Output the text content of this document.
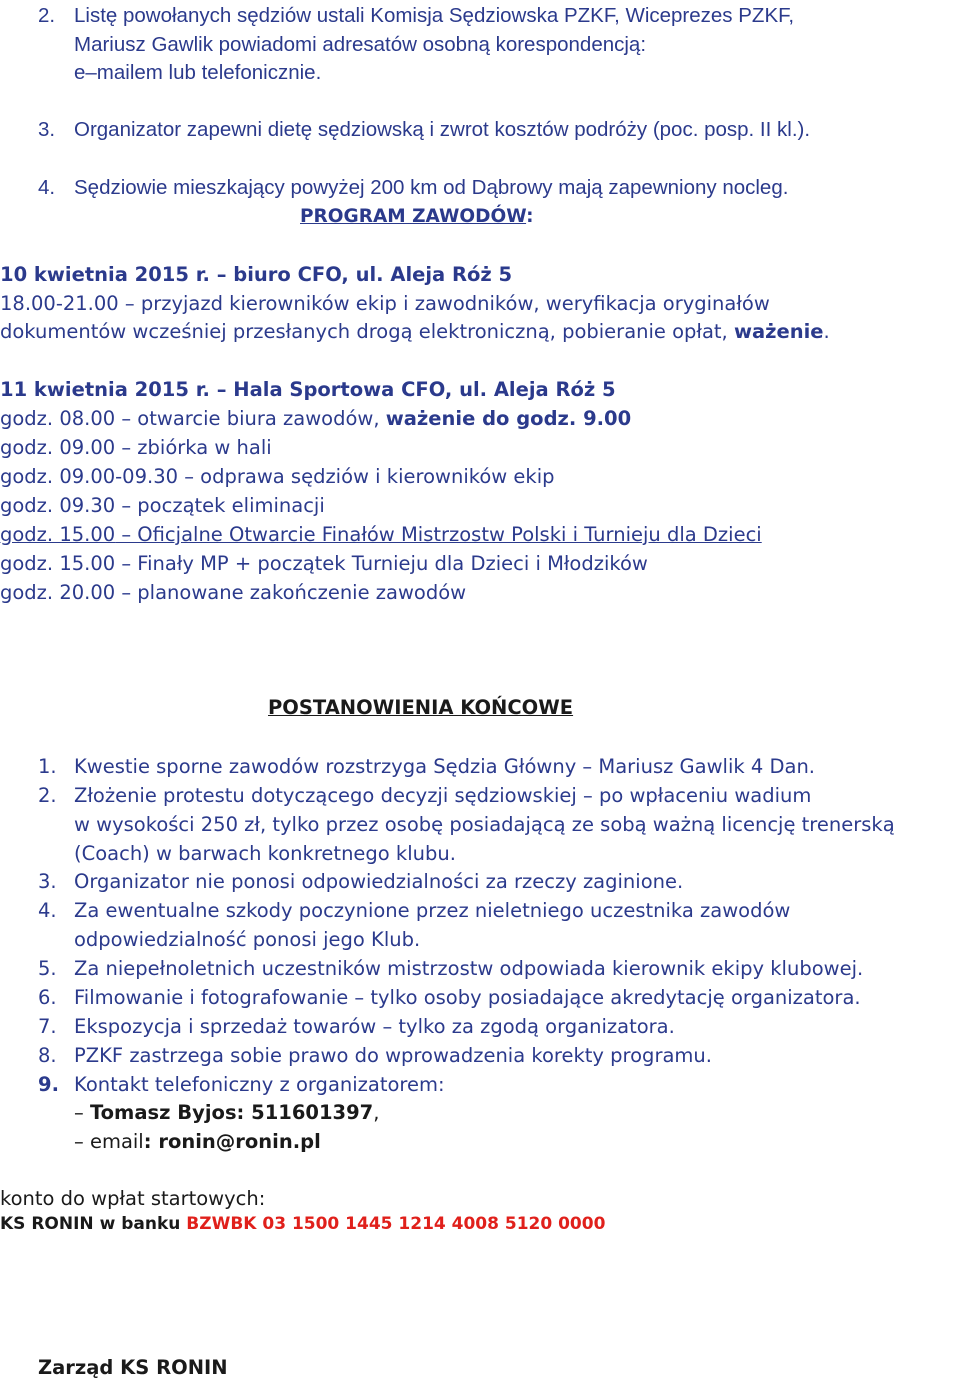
2. Listę powołanych sędziów ustali Komisja Sędziowska PZKF, Wiceprezes PZKF,
Mariusz Gawlik powiadomi adresatów osobną korespondencją:
e–mailem lub telefonicznie.
3. Organizator zapewni dietę sędziowską i zwrot kosztów podróży (poc. posp. II kl.).
4. Sędziowie mieszkający powyżej 200 km od Dąbrowy mają zapewniony nocleg.
PROGRAM ZAWODÓW:
10 kwietnia 2015 r. – biuro CFO, ul. Aleja Róż 5
18.00-21.00 – przyjazd kierowników ekip i zawodników, weryfikacja oryginałów
dokumentów wcześniej przesłanych drogą elektroniczną, pobieranie opłat, ważenie.
11 kwietnia 2015 r. – Hala Sportowa CFO, ul. Aleja Róż 5
godz. 08.00 – otwarcie biura zawodów, ważenie do godz. 9.00
godz. 09.00 – zbiórka w hali
godz. 09.00-09.30 – odprawa sędziów i kierowników ekip
godz. 09.30 – początek eliminacji
godz. 15.00 – Oficjalne Otwarcie Finałów Mistrzostw Polski i Turnieju dla Dzieci
godz. 15.00 – Finały MP + początek Turnieju dla Dzieci i Młodzików
godz. 20.00 – planowane zakończenie zawodów
POSTANOWIENIA KOŃCOWE
1. Kwestie sporne zawodów rozstrzyga Sędzia Główny – Mariusz Gawlik 4 Dan.
2. Złożenie protestu dotyczącego decyzji sędziowskiej – po wpłaceniu wadium
w wysokości 250 zł, tylko przez osobę posiadającą ze sobą ważną licencję trenerską
(Coach) w barwach konkretnego klubu.
3. Organizator nie ponosi odpowiedzialności za rzeczy zaginione.
4. Za ewentualne szkody poczynione przez nieletniego uczestnika zawodów
odpowiedzialność ponosi jego Klub.
5. Za niepełnoletnich uczestników mistrzostw odpowiada kierownik ekipy klubowej.
6. Filmowanie i fotografowanie – tylko osoby posiadające akredytację organizatora.
7. Ekspozycja i sprzedaż towarów – tylko za zgodą organizatora.
8. PZKF zastrzega sobie prawo do wprowadzenia korekty programu.
9. Kontakt telefoniczny z organizatorem:
– Tomasz Byjos: 511601397,
– email: ronin@ronin.pl
konto do wpłat startowych:
KS RONIN w banku BZWBK 03 1500 1445 1214 4008 5120 0000
Zarząd KS RONIN
